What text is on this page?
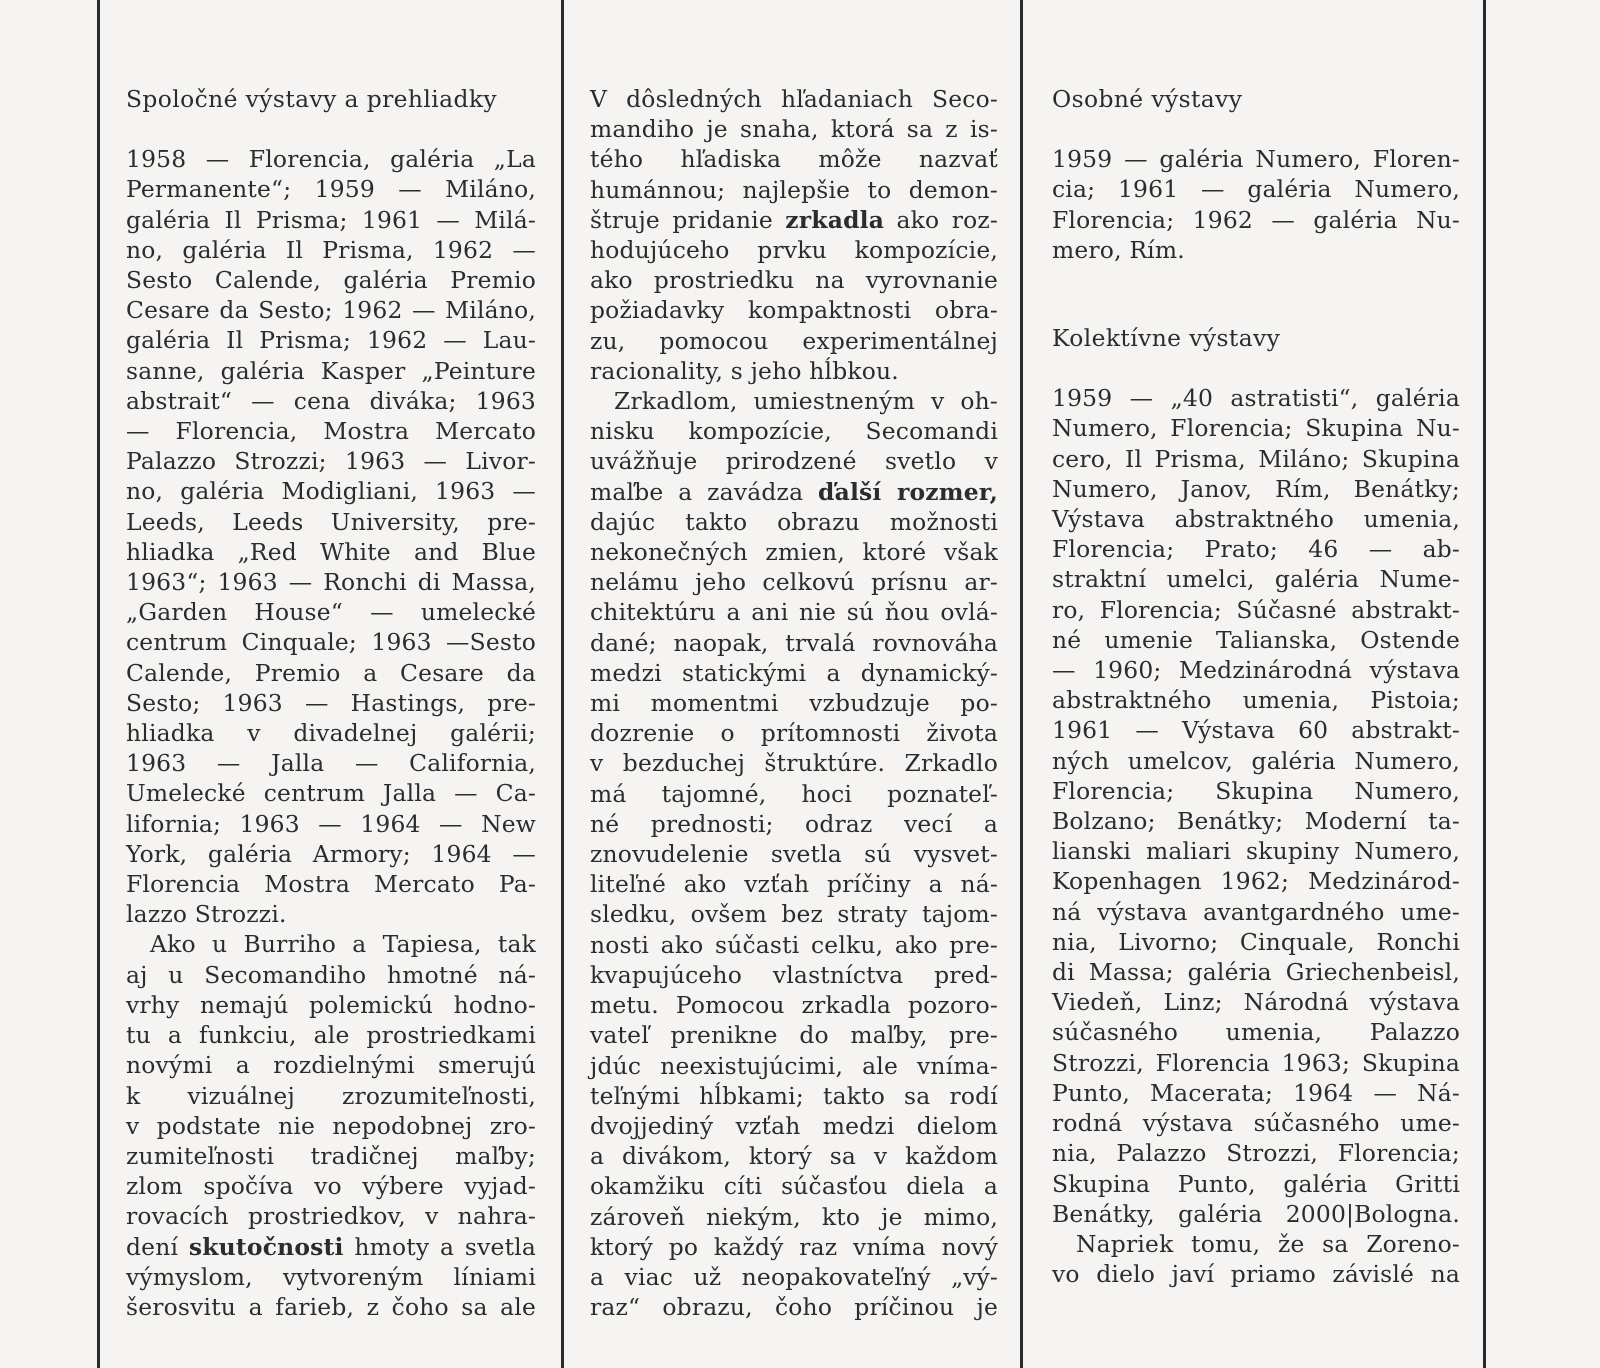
Spoločné výstavy a prehliadky

1958 — Florencia, galéria „La

Permanente“; 1959 — Miláno,

galéria Il Prisma; 1961 — Milá-

no, galéria Il Prisma, 1962 —

Sesto Calende, galéria Premio

Cesare da Sesto; 1962 — Miláno,

galéria Il Prisma; 1962 — Lau-

sanne, galéria Kasper „Peinture

abstrait“ — cena diváka; 1963

— Florencia, Mostra Mercato

Palazzo Strozzi; 1963 — Livor-

no, galéria Modigliani, 1963 —

Leeds, Leeds University, pre-

hliadka „Red White and Blue

1963“; 1963 — Ronchi di Massa,

„Garden House“ — umelecké

centrum Cinquale; 1963 —Sesto

Calende, Premio a Cesare da

Sesto; 1963 — Hastings, pre-

hliadka v divadelnej galérii;

1963 — Jalla — California,

Umelecké centrum Jalla — Ca-

lifornia; 1963 — 1964 — New

York, galéria Armory; 1964 —

Florencia Mostra Mercato Pa-

lazzo Strozzi.

Ako u Burriho a Tapiesa, tak

aj u Secomandiho hmotné ná-

vrhy nemajú polemickú hodno-

tu a funkciu, ale prostriedkami

novými a rozdielnými smerujú

k vizuálnej zrozumiteľnosti,

v podstate nie nepodobnej zro-

zumiteľnosti tradičnej maľby;

zlom spočíva vo výbere vyjad-

rovacích prostriedkov, v nahra-

dení skutočnosti hmoty a svetla

výmyslom, vytvoreným líniami

šerosvitu a farieb, z čoho sa ale

V dôsledných hľadaniach Seco-

mandiho je snaha, ktorá sa z is-

tého hľadiska môže nazvať

humánnou; najlepšie to demon-

štruje pridanie zrkadla ako roz-

hodujúceho prvku kompozície,

ako prostriedku na vyrovnanie

požiadavky kompaktnosti obra-

zu, pomocou experimentálnej

racionality, s jeho hĺbkou.

Zrkadlom, umiestneným v oh-

nisku kompozície, Secomandi

uvážňuje prirodzené svetlo v

maľbe a zavádza ďalší rozmer,

dajúc takto obrazu možnosti

nekonečných zmien, ktoré však

nelámu jeho celkovú prísnu ar-

chitektúru a ani nie sú ňou ovlá-

dané; naopak, trvalá rovnováha

medzi statickými a dynamický-

mi momentmi vzbudzuje po-

dozrenie o prítomnosti života

v bezduchej štruktúre. Zrkadlo

má tajomné, hoci poznateľ-

né prednosti; odraz vecí a

znovudelenie svetla sú vysvet-

liteľné ako vzťah príčiny a ná-

sledku, ovšem bez straty tajom-

nosti ako súčasti celku, ako pre-

kvapujúceho vlastníctva pred-

metu. Pomocou zrkadla pozoro-

vateľ prenikne do maľby, pre-

jdúc neexistujúcimi, ale vníma-

teľnými hĺbkami; takto sa rodí

dvojjediný vzťah medzi dielom

a divákom, ktorý sa v každom

okamžiku cíti súčasťou diela a

zároveň niekým, kto je mimo,

ktorý po každý raz vníma nový

a viac už neopakovateľný „vý-

raz“ obrazu, čoho príčinou je

Osobné výstavy

1959 — galéria Numero, Floren-

cia; 1961 — galéria Numero,

Florencia; 1962 — galéria Nu-

mero, Rím.

Kolektívne výstavy

1959 — „40 astratisti“, galéria

Numero, Florencia; Skupina Nu-

cero, Il Prisma, Miláno; Skupina

Numero, Janov, Rím, Benátky;

Výstava abstraktného umenia,

Florencia; Prato; 46 — ab-

straktní umelci, galéria Nume-

ro, Florencia; Súčasné abstrakt-

né umenie Talianska, Ostende

— 1960; Medzinárodná výstava

abstraktného umenia, Pistoia;

1961 — Výstava 60 abstrakt-

ných umelcov, galéria Numero,

Florencia; Skupina Numero,

Bolzano; Benátky; Moderní ta-

lianski maliari skupiny Numero,

Kopenhagen 1962; Medzinárod-

ná výstava avantgardného ume-

nia, Livorno; Cinquale, Ronchi

di Massa; galéria Griechenbeisl,

Viedeň, Linz; Národná výstava

súčasného umenia, Palazzo

Strozzi, Florencia 1963; Skupina

Punto, Macerata; 1964 — Ná-

rodná výstava súčasného ume-

nia, Palazzo Strozzi, Florencia;

Skupina Punto, galéria Gritti

Benátky, galéria 2000|Bologna.

Napriek tomu, že sa Zoreno-

vo dielo javí priamo závislé na
